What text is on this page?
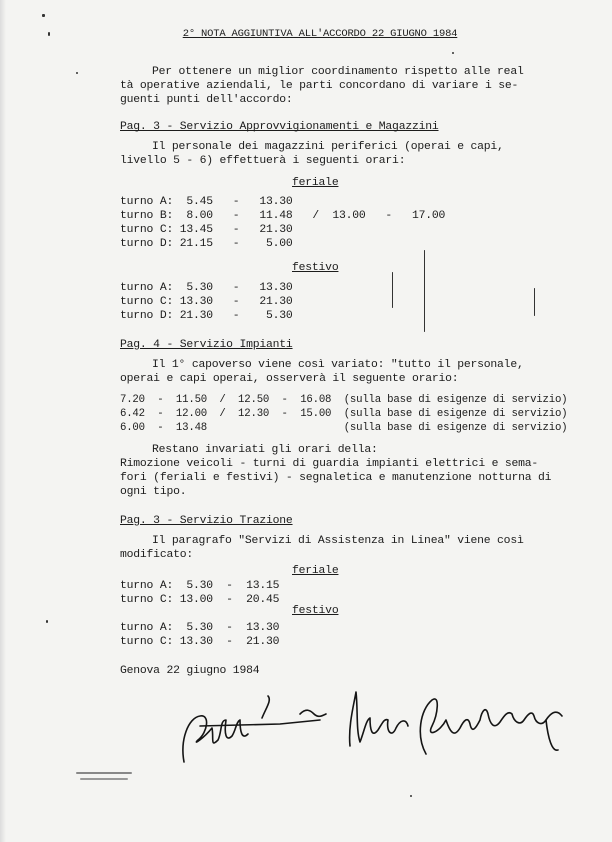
2° NOTA AGGIUNTIVA ALL'ACCORDO 22 GIUGNO 1984
Per ottenere un miglior coordinamento rispetto alle real
tà operative aziendali, le parti concordano di variare i se-
guenti punti dell'accordo:
Pag. 3 - Servizio Approvvigionamenti e Magazzini
Il personale dei magazzini periferici (operai e capi,
livello 5 - 6) effettuerà i seguenti orari:
feriale
turno A:  5.45   -   13.30
turno B:  8.00   -   11.48   /  13.00   -   17.00
turno C: 13.45   -   21.30
turno D: 21.15   -    5.00
festivo
turno A:  5.30   -   13.30
turno C: 13.30   -   21.30
turno D: 21.30   -    5.30
Pag. 4 - Servizio Impianti
Il 1° capoverso viene così variato: "tutto il personale,
operai e capi operai, osserverà il seguente orario:
7.20  -  11.50  /  12.50  -  16.08  (sulla base di esigenze di servizio)
6.42  -  12.00  /  12.30  -  15.00  (sulla base di esigenze di servizio)
6.00  -  13.48                      (sulla base di esigenze di servizio)
Restano invariati gli orari della:
Rimozione veicoli - turni di guardia impianti elettrici e sema-
fori (feriali e festivi) - segnaletica e manutenzione notturna di
ogni tipo.
Pag. 3 - Servizio Trazione
Il paragrafo "Servizi di Assistenza in Linea" viene così
modificato:
feriale
turno A:  5.30  -  13.15
turno C: 13.00  -  20.45
festivo
turno A:  5.30  -  13.30
turno C: 13.30  -  21.30
Genova 22 giugno 1984
